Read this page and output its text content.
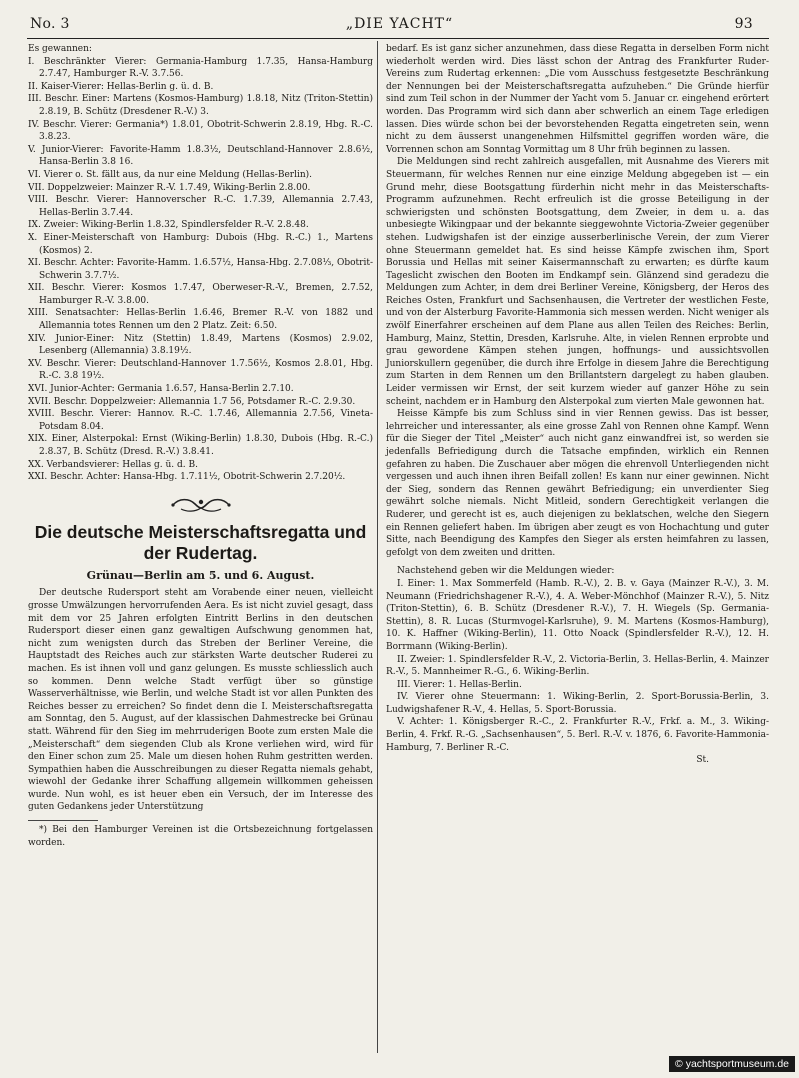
No. 3	„DIE YACHT“	93

Es gewannen:

I. Beschränkter Vierer: Germania-Hamburg 1.7.35, Hansa-Hamburg 2.7.47, Hamburger R.-V. 3.7.56.

II. Kaiser-Vierer: Hellas-Berlin g. ü. d. B.

III. Beschr. Einer: Martens (Kosmos-Hamburg) 1.8.18, Nitz (Triton-Stettin) 2.8.19, B. Schütz (Dresdener R.-V.) 3.

IV. Beschr. Vierer: Germania*) 1.8.01, Obotrit-Schwerin 2.8.19, Hbg. R.-C. 3.8.23.

V. Junior-Vierer: Favorite-Hamm 1.8.3½, Deutschland-Hannover 2.8.6½, Hansa-Berlin 3.8 16.

VI. Vierer o. St. fällt aus, da nur eine Meldung (Hellas-Berlin).

VII. Doppelzweier: Mainzer R.-V. 1.7.49, Wiking-Berlin 2.8.00.

VIII. Beschr. Vierer: Hannoverscher R.-C. 1.7.39, Allemannia 2.7.43, Hellas-Berlin 3.7.44.

IX. Zweier: Wiking-Berlin 1.8.32, Spindlersfelder R.-V. 2.8.48.

X. Einer-Meisterschaft von Hamburg: Dubois (Hbg. R.-C.) 1., Martens (Kosmos) 2.

XI. Beschr. Achter: Favorite-Hamm. 1.6.57½, Hansa-Hbg. 2.7.08⅓, Obotrit-Schwerin 3.7.7½.

XII. Beschr. Vierer: Kosmos 1.7.47, Oberweser-R.-V., Bremen, 2.7.52, Hamburger R.-V. 3.8.00.

XIII. Senatsachter: Hellas-Berlin 1.6.46, Bremer R.-V. von 1882 und Allemannia totes Rennen um den 2 Platz. Zeit: 6.50.

XIV. Junior-Einer: Nitz (Stettin) 1.8.49, Martens (Kosmos) 2.9.02, Lesenberg (Allemannia) 3.8.19½.

XV. Beschr. Vierer: Deutschland-Hannover 1.7.56½, Kosmos 2.8.01, Hbg. R.-C. 3.8 19½.

XVI. Junior-Achter: Germania 1.6.57, Hansa-Berlin 2.7.10.

XVII. Beschr. Doppelzweier: Allemannia 1.7 56, Potsdamer R.-C. 2.9.30.

XVIII. Beschr. Vierer: Hannov. R.-C. 1.7.46, Allemannia 2.7.56, Vineta-Potsdam 8.04.

XIX. Einer, Alsterpokal: Ernst (Wiking-Berlin) 1.8.30, Dubois (Hbg. R.-C.) 2.8.37, B. Schütz (Dresd. R.-V.) 3.8.41.

XX. Verbandsvierer: Hellas g. ü. d. B.

XXI. Beschr. Achter: Hansa-Hbg. 1.7.11½, Obotrit-Schwerin 2.7.20½.

Die deutsche Meisterschaftsregatta und der Rudertag.
Grünau—Berlin am 5. und 6. August.

Der deutsche Rudersport steht am Vorabende einer neuen, vielleicht grosse Umwälzungen hervorrufenden Aera. Es ist nicht zuviel gesagt, dass mit dem vor 25 Jahren erfolgten Eintritt Berlins in den deutschen Rudersport dieser einen ganz gewaltigen Aufschwung genommen hat, nicht zum wenigsten durch das Streben der Berliner Vereine, die Hauptstadt des Reiches auch zur stärksten Warte deutscher Ruderei zu machen. Es ist ihnen voll und ganz gelungen. Es musste schliesslich auch so kommen. Denn welche Stadt verfügt über so günstige Wasserverhältnisse, wie Berlin, und welche Stadt ist vor allen Punkten des Reiches besser zu erreichen? So findet denn die I. Meisterschaftsregatta am Sonntag, den 5. August, auf der klassischen Dahmestrecke bei Grünau statt. Während für den Sieg im mehrruderigen Boote zum ersten Male die „Meisterschaft“ dem siegenden Club als Krone verliehen wird, wird für den Einer schon zum 25. Male um diesen hohen Ruhm gestritten werden. Sympathien haben die Ausschreibungen zu dieser Regatta niemals gehabt, wiewohl der Gedanke ihrer Schaffung allgemein willkommen geheissen wurde. Nun wohl, es ist heuer eben ein Versuch, der im Interesse des guten Gedankens jeder Unterstützung

*) Bei den Hamburger Vereinen ist die Ortsbezeichnung fortgelassen worden.

bedarf. Es ist ganz sicher anzunehmen, dass diese Regatta in derselben Form nicht wiederholt werden wird. Dies lässt schon der Antrag des Frankfurter Ruder-Vereins zum Rudertag erkennen: „Die vom Ausschuss festgesetzte Beschränkung der Nennungen bei der Meisterschaftsregatta aufzuheben.“ Die Gründe hierfür sind zum Teil schon in der Nummer der Yacht vom 5. Januar cr. eingehend erörtert worden. Das Programm wird sich dann aber schwerlich an einem Tage erledigen lassen. Dies würde schon bei der bevorstehenden Regatta eingetreten sein, wenn nicht zu dem äusserst unangenehmen Hilfsmittel gegriffen worden wäre, die Vorrennen schon am Sonntag Vormittag um 8 Uhr früh beginnen zu lassen.

Die Meldungen sind recht zahlreich ausgefallen, mit Ausnahme des Vierers mit Steuermann, für welches Rennen nur eine einzige Meldung abgegeben ist — ein Grund mehr, diese Bootsgattung fürderhin nicht mehr in das Meisterschafts-Programm aufzunehmen. Recht erfreulich ist die grosse Beteiligung in der schwierigsten und schönsten Bootsgattung, dem Zweier, in dem u. a. das unbesiegte Wikingpaar und der bekannte sieggewohnte Victoria-Zweier gegenüber stehen. Ludwigshafen ist der einzige ausserberlinische Verein, der zum Vierer ohne Steuermann gemeldet hat. Es sind heisse Kämpfe zwischen ihm, Sport Borussia und Hellas mit seiner Kaisermannschaft zu erwarten; es dürfte kaum Tageslicht zwischen den Booten im Endkampf sein. Glänzend sind geradezu die Meldungen zum Achter, in dem drei Berliner Vereine, Königsberg, der Heros des Reiches Osten, Frankfurt und Sachsenhausen, die Vertreter der westlichen Feste, und von der Alsterburg Favorite-Hammonia sich messen werden. Nicht weniger als zwölf Einerfahrer erscheinen auf dem Plane aus allen Teilen des Reiches: Berlin, Hamburg, Mainz, Stettin, Dresden, Karlsruhe. Alte, in vielen Rennen erprobte und grau gewordene Kämpen stehen jungen, hoffnungs- und aussichtsvollen Juniorskullern gegenüber, die durch ihre Erfolge in diesem Jahre die Berechtigung zum Starten in dem Rennen um den Brillantstern dargelegt zu haben glauben. Leider vermissen wir Ernst, der seit kurzem wieder auf ganzer Höhe zu sein scheint, nachdem er in Hamburg den Alsterpokal zum vierten Male gewonnen hat.

Heisse Kämpfe bis zum Schluss sind in vier Rennen gewiss. Das ist besser, lehrreicher und interessanter, als eine grosse Zahl von Rennen ohne Kampf. Wenn für die Sieger der Titel „Meister“ auch nicht ganz einwandfrei ist, so werden sie jedenfalls Befriedigung durch die Tatsache empfinden, wirklich ein Rennen gefahren zu haben. Die Zuschauer aber mögen die ehrenvoll Unterliegenden nicht vergessen und auch ihnen ihren Beifall zollen! Es kann nur einer gewinnen. Nicht der Sieg, sondern das Rennen gewährt Befriedigung; ein unverdienter Sieg gewährt solche niemals. Nicht Mitleid, sondern Gerechtigkeit verlangen die Ruderer, und gerecht ist es, auch diejenigen zu beklatschen, welche den Siegern ein Rennen geliefert haben. Im übrigen aber zeugt es von Hochachtung und guter Sitte, nach Beendigung des Kampfes den Sieger als ersten heimfahren zu lassen, gefolgt von dem zweiten und dritten.

Nachstehend geben wir die Meldungen wieder:

I. Einer: 1. Max Sommerfeld (Hamb. R.-V.), 2. B. v. Gaya (Mainzer R.-V.), 3. M. Neumann (Friedrichshagener R.-V.), 4. A. Weber-Mönchhof (Mainzer R.-V.), 5. Nitz (Triton-Stettin), 6. B. Schütz (Dresdener R.-V.), 7. H. Wiegels (Sp. Germania-Stettin), 8. R. Lucas (Sturmvogel-Karlsruhe), 9. M. Martens (Kosmos-Hamburg), 10. K. Haffner (Wiking-Berlin), 11. Otto Noack (Spindlersfelder R.-V.), 12. H. Borrmann (Wiking-Berlin).

II. Zweier: 1. Spindlersfelder R.-V., 2. Victoria-Berlin, 3. Hellas-Berlin, 4. Mainzer R.-V., 5. Mannheimer R.-G., 6. Wiking-Berlin.

III. Vierer: 1. Hellas-Berlin.

IV. Vierer ohne Steuermann: 1. Wiking-Berlin, 2. Sport-Borussia-Berlin, 3. Ludwigshafener R.-V., 4. Hellas, 5. Sport-Borussia.

V. Achter: 1. Königsberger R.-C., 2. Frankfurter R.-V., Frkf. a. M., 3. Wiking-Berlin, 4. Frkf. R.-G. „Sachsenhausen“, 5. Berl. R.-V. v. 1876, 6. Favorite-Hammonia-Hamburg, 7. Berliner R.-C.

St.

© yachtsportmuseum.de
